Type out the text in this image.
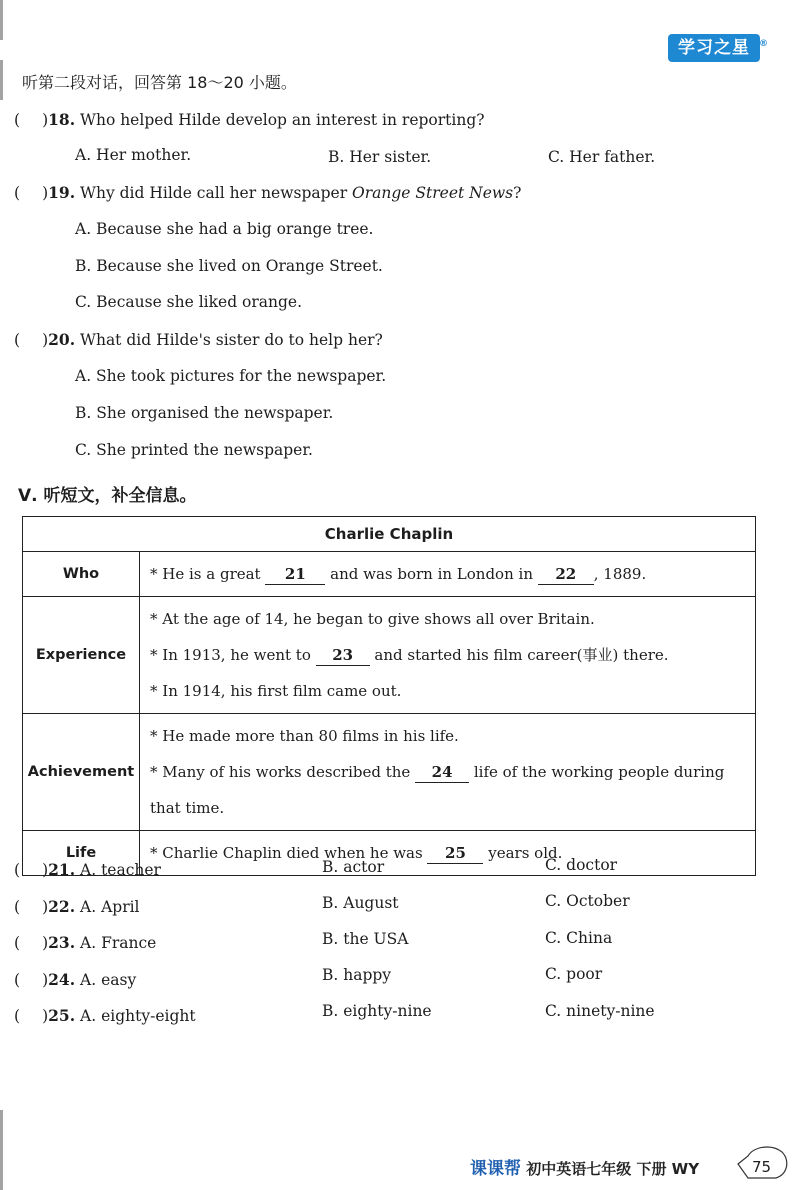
学习之星 ®
听第二段对话，回答第 18～20 小题。
( )18. Who helped Hilde develop an interest in reporting?
A. Her mother.	B. Her sister.	C. Her father.
( )19. Why did Hilde call her newspaper Orange Street News?
A. Because she had a big orange tree.
B. Because she lived on Orange Street.
C. Because she liked orange.
( )20. What did Hilde's sister do to help her?
A. She took pictures for the newspaper.
B. She organised the newspaper.
C. She printed the newspaper.
Ⅴ. 听短文，补全信息。
Charlie Chaplin	
Who	* He is a great 21 and was born in London in 22 , 1889.

Experience	* At the age of 14, he began to give shows all over Britain.
* In 1913, he went to 23 and started his film career(事业) there.
* In 1914, his first film came out.

Achievement	* He made more than 80 films in his life.
* Many of his works described the 24 life of the working people during
that time.

Life	* Charlie Chaplin died when he was 25 years old.
( )21. A. teacher	B. actor	C. doctor
( )22. A. April	B. August	C. October
( )23. A. France	B. the USA	C. China
( )24. A. easy	B. happy	C. poor
( )25. A. eighty-eight	B. eighty-nine	C. ninety-nine
课课帮 初中英语七年级 下册 WY	75
